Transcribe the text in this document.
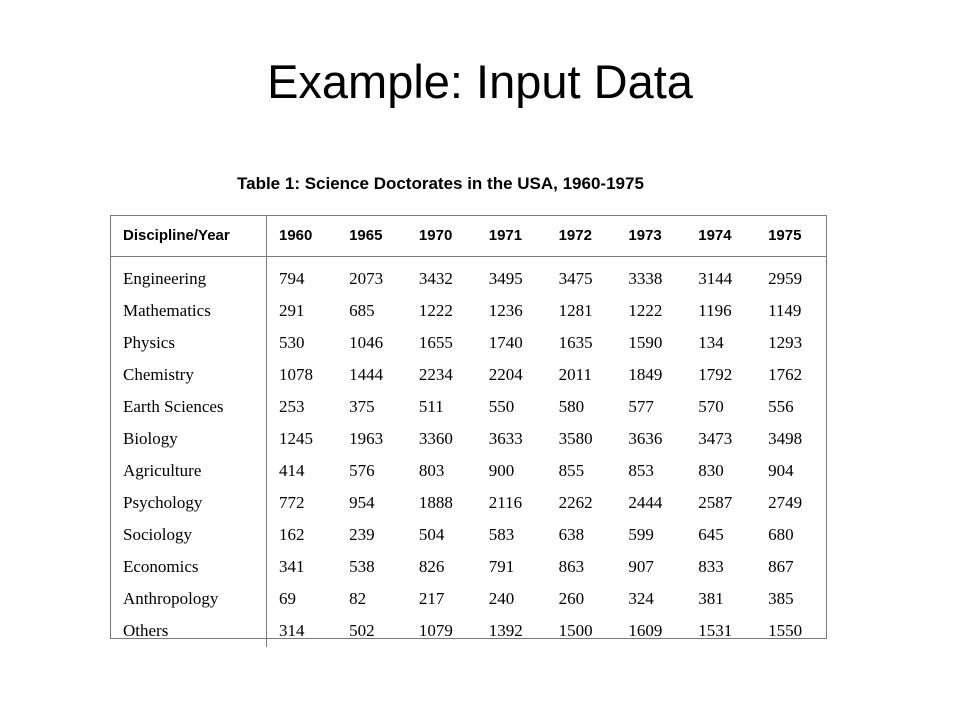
Example: Input Data
Table 1: Science Doctorates in the USA, 1960-1975
Discipline/Year	1960	1965	1970	1971	1972	1973	1974	1975
Engineering	794	2073	3432	3495	3475	3338	3144	2959
Mathematics	291	685	1222	1236	1281	1222	1196	1149
Physics	530	1046	1655	1740	1635	1590	134	1293
Chemistry	1078	1444	2234	2204	2011	1849	1792	1762
Earth Sciences	253	375	511	550	580	577	570	556
Biology	1245	1963	3360	3633	3580	3636	3473	3498
Agriculture	414	576	803	900	855	853	830	904
Psychology	772	954	1888	2116	2262	2444	2587	2749
Sociology	162	239	504	583	638	599	645	680
Economics	341	538	826	791	863	907	833	867
Anthropology	69	82	217	240	260	324	381	385
Others	314	502	1079	1392	1500	1609	1531	1550
